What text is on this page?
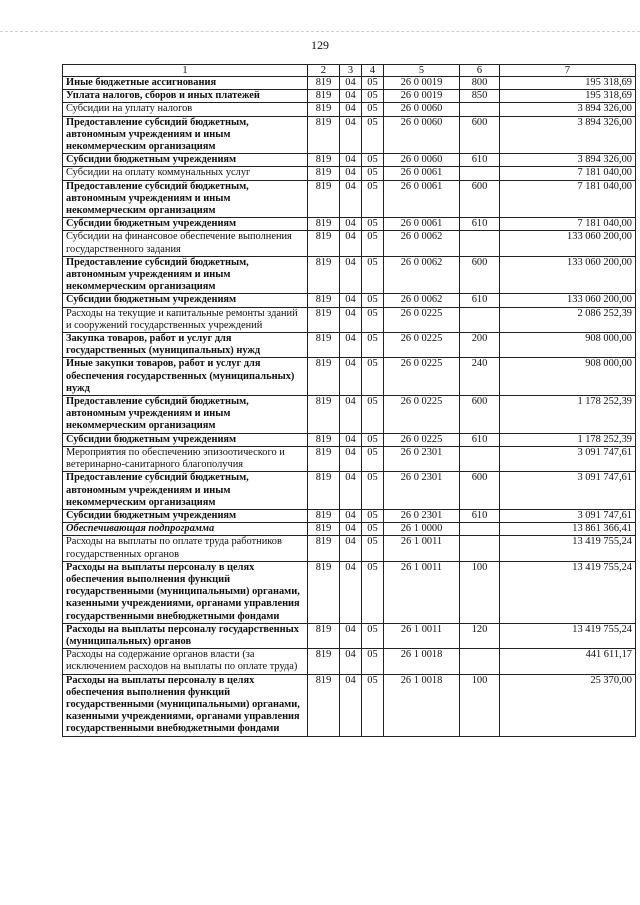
129
1	2	3	4	5	6	7
Иные бюджетные ассигнования	819	04	05	26 0 0019	800	195 318,69
Уплата налогов, сборов и иных платежей	819	04	05	26 0 0019	850	195 318,69
Субсидии на уплату налогов	819	04	05	26 0 0060		3 894 326,00
Предоставление субсидий бюджетным, автономным учреждениям и иным некоммерческим организациям	819	04	05	26 0 0060	600	3 894 326,00
Субсидии бюджетным учреждениям	819	04	05	26 0 0060	610	3 894 326,00
Субсидии на оплату коммунальных услуг	819	04	05	26 0 0061		7 181 040,00
Предоставление субсидий бюджетным, автономным учреждениям и иным некоммерческим организациям	819	04	05	26 0 0061	600	7 181 040,00
Субсидии бюджетным учреждениям	819	04	05	26 0 0061	610	7 181 040,00
Субсидии на финансовое обеспечение выполнения государственного задания	819	04	05	26 0 0062		133 060 200,00
Предоставление субсидий бюджетным, автономным учреждениям и иным некоммерческим организациям	819	04	05	26 0 0062	600	133 060 200,00
Субсидии бюджетным учреждениям	819	04	05	26 0 0062	610	133 060 200,00
Расходы на текущие и капитальные ремонты зданий и сооружений государственных учреждений	819	04	05	26 0 0225		2 086 252,39
Закупка товаров, работ и услуг для государственных (муниципальных) нужд	819	04	05	26 0 0225	200	908 000,00
Иные закупки товаров, работ и услуг для обеспечения государственных (муниципальных) нужд	819	04	05	26 0 0225	240	908 000,00
Предоставление субсидий бюджетным, автономным учреждениям и иным некоммерческим организациям	819	04	05	26 0 0225	600	1 178 252,39
Субсидии бюджетным учреждениям	819	04	05	26 0 0225	610	1 178 252,39
Мероприятия по обеспечению эпизоотического и ветеринарно-санитарного благополучия	819	04	05	26 0 2301		3 091 747,61
Предоставление субсидий бюджетным, автономным учреждениям и иным некоммерческим организациям	819	04	05	26 0 2301	600	3 091 747,61
Субсидии бюджетным учреждениям	819	04	05	26 0 2301	610	3 091 747,61
Обеспечивающая подпрограмма	819	04	05	26 1 0000		13 861 366,41
Расходы на выплаты по оплате труда работников государственных органов	819	04	05	26 1 0011		13 419 755,24
Расходы на выплаты персоналу в целях обеспечения выполнения функций государственными (муниципальными) органами, казенными учреждениями, органами управления государственными внебюджетными фондами	819	04	05	26 1 0011	100	13 419 755,24
Расходы на выплаты персоналу государственных (муниципальных) органов	819	04	05	26 1 0011	120	13 419 755,24
Расходы на содержание органов власти (за исключением расходов на выплаты по оплате труда)	819	04	05	26 1 0018		441 611,17
Расходы на выплаты персоналу в целях обеспечения выполнения функций государственными (муниципальными) органами, казенными учреждениями, органами управления государственными внебюджетными фондами	819	04	05	26 1 0018	100	25 370,00
